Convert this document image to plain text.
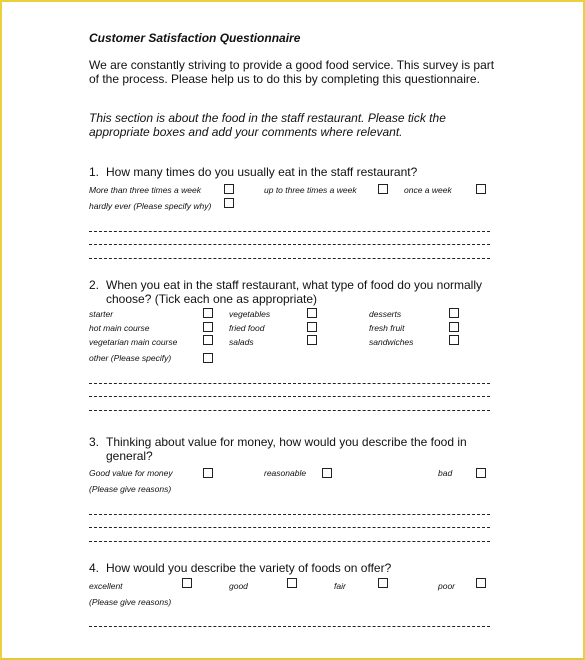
Customer Satisfaction Questionnaire
We are constantly striving to provide a good food service. This survey is part of the process. Please help us to do this by completing this questionnaire.
This section is about the food in the staff restaurant. Please tick the appropriate boxes and add your comments where relevant.
1. How many times do you usually eat in the staff restaurant?
More than three times a week	up to three times a week	once a week
hardly ever (Please specify why)
2. When you eat in the staff restaurant, what type of food do you normally choose? (Tick each one as appropriate)
starter	vegetables	desserts
hot main course	fried food	fresh fruit
vegetarian main course	salads	sandwiches
other (Please specify)
3. Thinking about value for money, how would you describe the food in general?
Good value for money	reasonable	bad
(Please give reasons)
4. How would you describe the variety of foods on offer?
excellent	good	fair	poor
(Please give reasons)
